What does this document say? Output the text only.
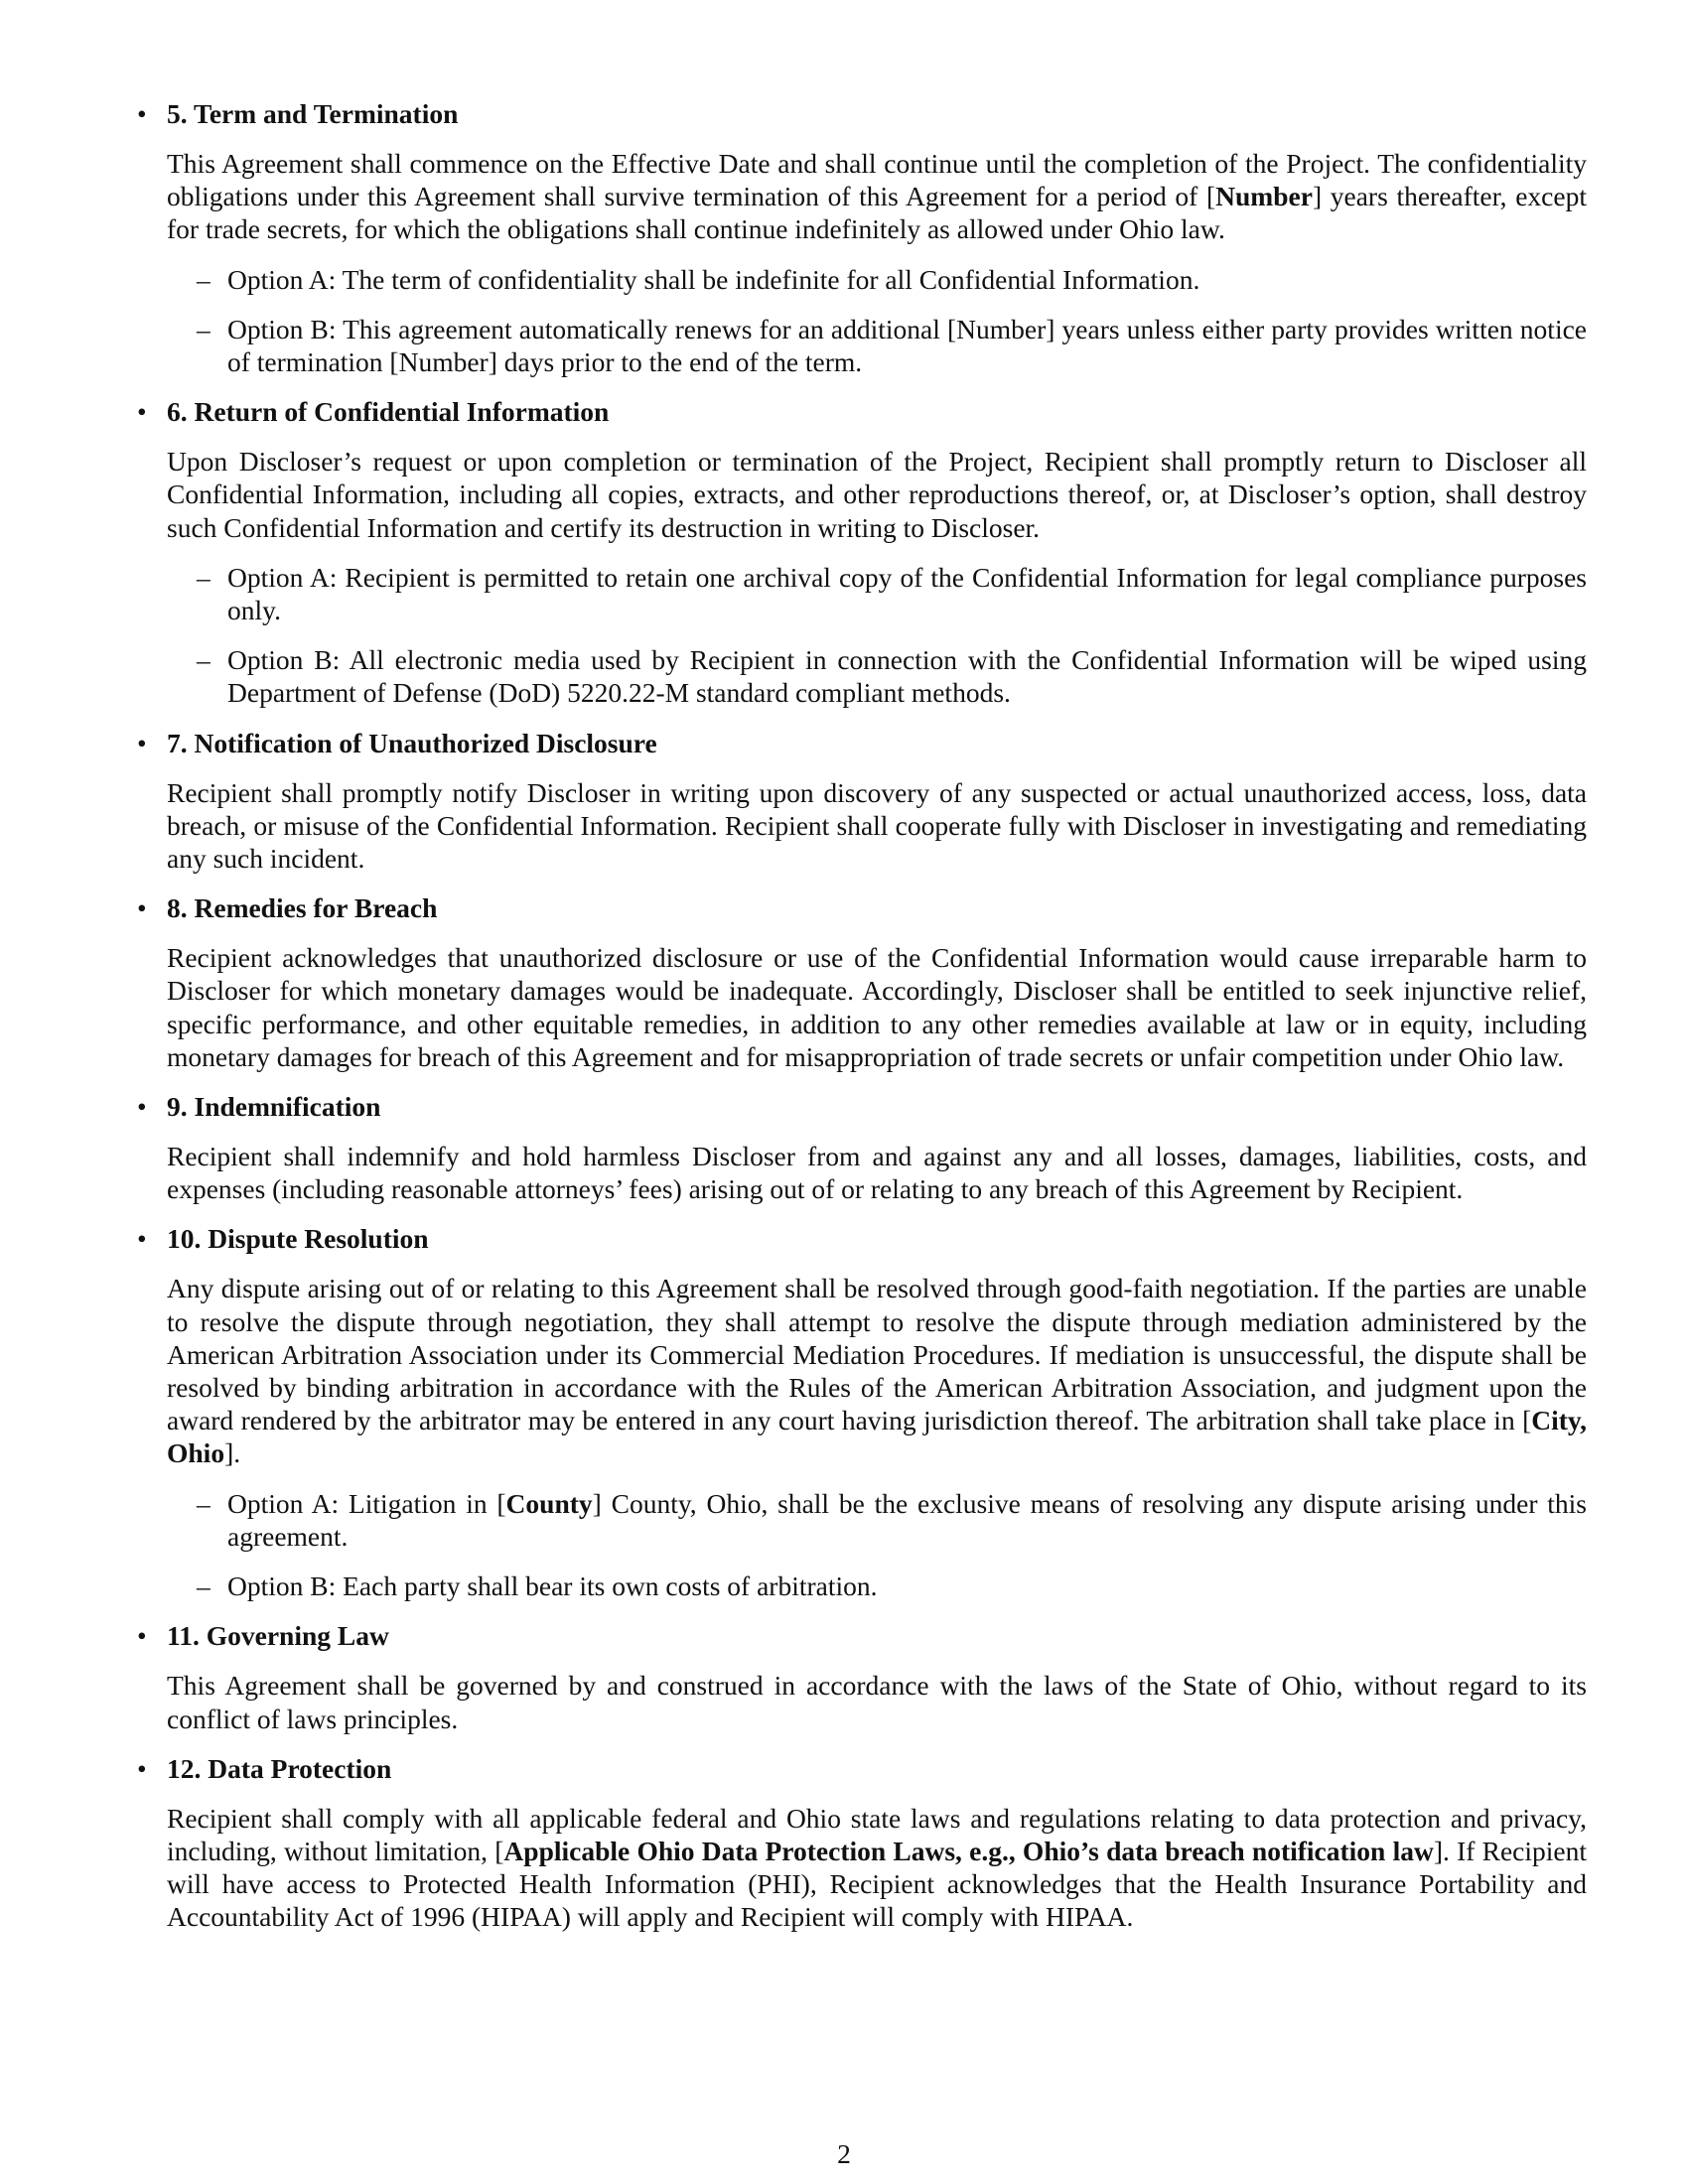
• 5. Term and Termination

This Agreement shall commence on the Effective Date and shall continue until the completion of the Project. The confidentiality obligations under this Agreement shall survive termination of this Agreement for a period of [Number] years thereafter, except for trade secrets, for which the obligations shall continue indefinitely as allowed under Ohio law.

– Option A: The term of confidentiality shall be indefinite for all Confidential Information.
– Option B: This agreement automatically renews for an additional [Number] years unless either party provides written notice of termination [Number] days prior to the end of the term.
• 6. Return of Confidential Information

Upon Discloser’s request or upon completion or termination of the Project, Recipient shall promptly return to Discloser all Confidential Information, including all copies, extracts, and other reproductions thereof, or, at Discloser’s option, shall destroy such Confidential Information and certify its destruction in writing to Discloser.

– Option A: Recipient is permitted to retain one archival copy of the Confidential Information for legal compliance purposes only.
– Option B: All electronic media used by Recipient in connection with the Confidential Information will be wiped using Department of Defense (DoD) 5220.22-M standard compliant methods.
• 7. Notification of Unauthorized Disclosure

Recipient shall promptly notify Discloser in writing upon discovery of any suspected or actual unauthorized access, loss, data breach, or misuse of the Confidential Information. Recipient shall cooperate fully with Discloser in investigating and remediating any such incident.

• 8. Remedies for Breach

Recipient acknowledges that unauthorized disclosure or use of the Confidential Information would cause irreparable harm to Discloser for which monetary damages would be inadequate. Accordingly, Discloser shall be entitled to seek injunctive relief, specific performance, and other equitable remedies, in addition to any other remedies available at law or in equity, including monetary damages for breach of this Agreement and for misappropriation of trade secrets or unfair competition under Ohio law.

• 9. Indemnification

Recipient shall indemnify and hold harmless Discloser from and against any and all losses, damages, liabilities, costs, and expenses (including reasonable attorneys’ fees) arising out of or relating to any breach of this Agreement by Recipient.

• 10. Dispute Resolution

Any dispute arising out of or relating to this Agreement shall be resolved through good-faith negotiation. If the parties are unable to resolve the dispute through negotiation, they shall attempt to resolve the dispute through mediation administered by the American Arbitration Association under its Commercial Mediation Procedures. If mediation is unsuccessful, the dispute shall be resolved by binding arbitration in accordance with the Rules of the American Arbitration Association, and judgment upon the award rendered by the arbitrator may be entered in any court having jurisdiction thereof. The arbitration shall take place in [City, Ohio].

– Option A: Litigation in [County] County, Ohio, shall be the exclusive means of resolving any dispute arising under this agreement.
– Option B: Each party shall bear its own costs of arbitration.
• 11. Governing Law

This Agreement shall be governed by and construed in accordance with the laws of the State of Ohio, without regard to its conflict of laws principles.

• 12. Data Protection

Recipient shall comply with all applicable federal and Ohio state laws and regulations relating to data protection and privacy, including, without limitation, [Applicable Ohio Data Protection Laws, e.g., Ohio’s data breach notification law]. If Recipient will have access to Protected Health Information (PHI), Recipient acknowledges that the Health Insurance Portability and Accountability Act of 1996 (HIPAA) will apply and Recipient will comply with HIPAA.

2
